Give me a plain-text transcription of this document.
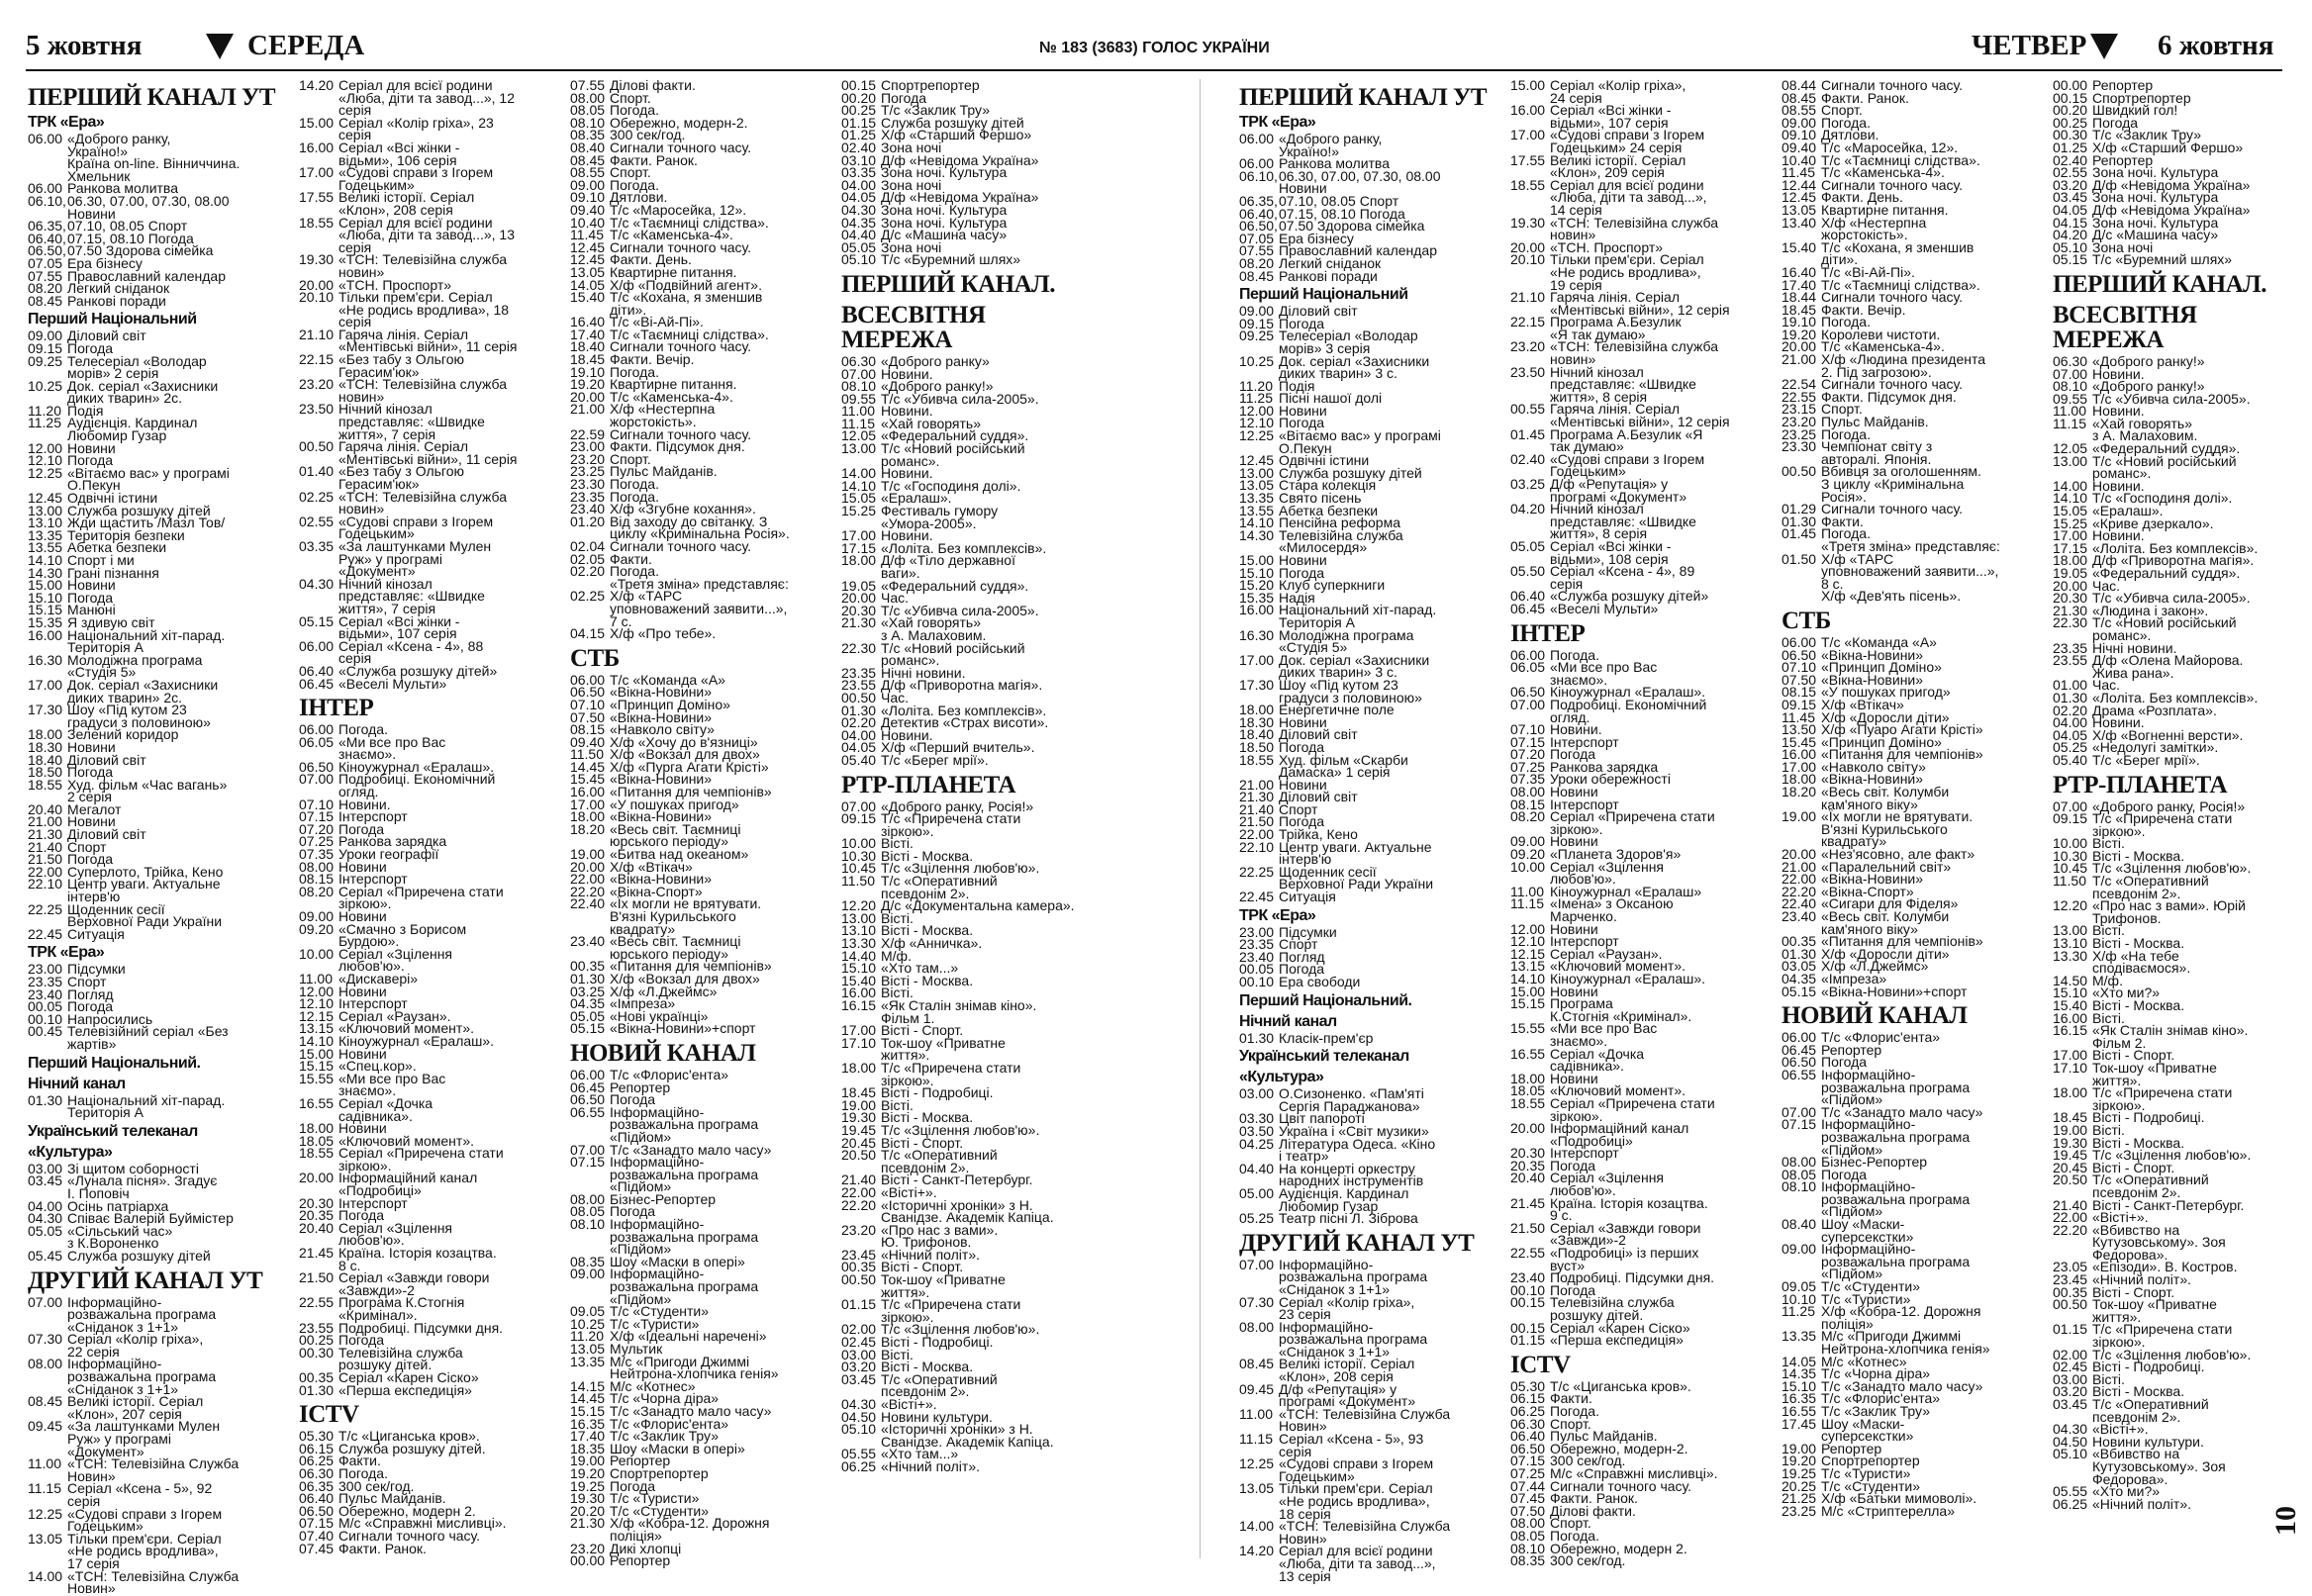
5 жовтня	СЕРЕДА	№ 183 (3683) ГОЛОС УКРАЇНИ	ЧЕТВЕР 6 жовтня
ПЕРШИЙ КАНАЛ УТ
ТРК «Ера»
06.00 «Доброго ранку,
Україно!»
Країна on-line. Вінниччина.
Хмельник
06.00 Ранкова молитва
06.10,06.30, 07.00, 07.30, 08.00
Новини
06.35,07.10, 08.05 Спорт
06.40,07.15, 08.10 Погода
06.50,07.50 Здорова сімейка
07.05 Ера бізнесу
07.55 Православний календар
08.20 Легкий сніданок
08.45 Ранкові поради
Перший Національний
09.00 Діловий світ
09.15 Погода
09.25 Телесеріал «Володар
морів» 2 серія
10.25 Док. серіал «Захисники
диких тварин» 2с.
11.20 Подія
11.25 Аудієнція. Кардинал
Любомир Гузар
12.00 Новини
12.10 Погода
12.25 «Вітаємо вас» у програмі
О.Пекун
12.45 Одвічні істини
13.00 Служба розшуку дітей
13.10 Жди щастить /Мазл Тов/
13.35 Територія безпеки
13.55 Абетка безпеки
14.10 Спорт і ми
14.30 Грані пізнання
15.00 Новини
15.10 Погода
15.15 Манюні
15.35 Я здивую світ
16.00 Національний хіт-парад.
Територія А
16.30 Молодіжна програма
«Студія 5»
17.00 Док. серіал «Захисники
диких тварин» 2с.
17.30 Шоу «Під кутом 23
градуси з половиною»
18.00 Зелений коридор
18.30 Новини
18.40 Діловий світ
18.50 Погода
18.55 Худ. фільм «Час вагань»
2 серія
20.40 Мегалот
21.00 Новини
21.30 Діловий світ
21.40 Спорт
21.50 Погода
22.00 Суперлото, Трійка, Кено
22.10 Центр уваги. Актуальне
інтерв'ю
22.25 Щоденник сесії
Верховної Ради України
22.45 Ситуація
ТРК «Ера»
23.00 Підсумки
23.35 Спорт
23.40 Погляд
00.05 Погода
00.10 Напросились
00.45 Телевізійний серіал «Без
жартів»
Перший Національний.
Нічний канал
01.30 Національний хіт-парад.
Територія А
Український телеканал
«Культура»
03.00 Зі щитом соборності
03.45 «Лунала пісня». Згадує
І. Поповіч
04.00 Осінь патріарха
04.30 Співає Валерій Буймістер
05.05 «Сільський час»
з К.Вороненко
05.45 Служба розшуку дітей
ДРУГИЙ КАНАЛ УТ
07.00 Інформаційно-
розважальна програма
«Сніданок з 1+1»
07.30 Серіал «Колір гріха»,
22 серія
08.00 Інформаційно-
розважальна програма
«Сніданок з 1+1»
08.45 Великі історії. Серіал
«Клон», 207 серія
09.45 «За лаштунками Мулен
Руж» у програмі
«Документ»
11.00 «ТСН: Телевізійна Служба
Новин»
11.15 Серіал «Ксена - 5», 92
серія
12.25 «Судові справи з Ігорем
Годецьким»
13.05 Тільки прем'єри. Серіал
«Не родись вродлива»,
17 серія
14.00 «ТСН: Телевізійна Служба
Новин»
14.20 Серіал для всієї родини
«Люба, діти та завод...», 12
серія
15.00 Серіал «Колір гріха», 23
серія
16.00 Серіал «Всі жінки -
відьми», 106 серія
17.00 «Судові справи з Ігорем
Годецьким»
17.55 Великі історії. Серіал
«Клон», 208 серія
18.55 Серіал для всієї родини
«Люба, діти та завод...», 13
серія
19.30 «ТСН: Телевізійна служба
новин»
20.00 «ТСН. Проспорт»
20.10 Тільки прем'єри. Серіал
«Не родись вродлива», 18
серія
21.10 Гаряча лінія. Серіал
«Ментівські війни», 11 серія
22.15 «Без табу з Ольгою
Герасим'юк»
23.20 «ТСН: Телевізійна служба
новин»
23.50 Нічний кінозал
представляє: «Швидке
життя», 7 серія
00.50 Гаряча лінія. Серіал
«Ментівські війни», 11 серія
01.40 «Без табу з Ольгою
Герасим'юк»
02.25 «ТСН: Телевізійна служба
новин»
02.55 «Судові справи з Ігорем
Годецьким»
03.35 «За лаштунками Мулен
Руж» у програмі
«Документ»
04.30 Нічний кінозал
представляє: «Швидке
життя», 7 серія
05.15 Серіал «Всі жінки -
відьми», 107 серія
06.00 Серіал «Ксена - 4», 88
серія
06.40 «Служба розшуку дітей»
06.45 «Веселі Мульти»
ІНТЕР
06.00 Погода.
06.05 «Ми все про Вас
знаємо».
06.50 Кіноужурнал «Ералаш».
07.00 Подробиці. Економічний
огляд.
07.10 Новини.
07.15 Інтерспорт
07.20 Погода
07.25 Ранкова зарядка
07.35 Уроки географії
08.00 Новини
08.15 Інтерспорт
08.20 Серіал «Приречена стати
зіркою».
09.00 Новини
09.20 «Смачно з Борисом
Бурдою».
10.00 Серіал «Зцілення
любов'ю».
11.00 «Дискавері»
12.00 Новини
12.10 Інтерспорт
12.15 Серіал «Раузан».
13.15 «Ключовий момент».
14.10 Кіноужурнал «Ералаш».
15.00 Новини
15.15 «Спец.кор».
15.55 «Ми все про Вас
знаємо».
16.55 Серіал «Дочка
садівника».
18.00 Новини
18.05 «Ключовий момент».
18.55 Серіал «Приречена стати
зіркою».
20.00 Інформаційний канал
«Подробиці»
20.30 Інтерспорт
20.35 Погода
20.40 Серіал «Зцілення
любов'ю».
21.45 Країна. Історія козацтва.
8 с.
21.50 Серіал «Завжди говори
«Завжди»-2
22.55 Програма К.Стогнія
«Кримінал».
23.55 Подробиці. Підсумки дня.
00.25 Погода
00.30 Телевізійна служба
розшуку дітей.
00.35 Серіал «Карен Сіско»
01.30 «Перша експедиція»
ICTV
05.30 Т/с «Циганська кров».
06.15 Служба розшуку дітей.
06.25 Факти.
06.30 Погода.
06.35 300 сек/год.
06.40 Пульс Майданів.
06.50 Обережно, модерн 2.
07.15 М/с «Справжні мисливці».
07.40 Сигнали точного часу.
07.45 Факти. Ранок.
07.55 Ділові факти.
08.00 Спорт.
08.05 Погода.
08.10 Обережно, модерн-2.
08.35 300 сек/год.
08.40 Сигнали точного часу.
08.45 Факти. Ранок.
08.55 Спорт.
09.00 Погода.
09.10 Дятлови.
09.40 Т/с «Маросейка, 12».
10.40 Т/с «Таємниці слідства».
11.45 Т/с «Каменська-4».
12.45 Сигнали точного часу.
12.45 Факти. День.
13.05 Квартирне питання.
14.05 Х/ф «Подвійний агент».
15.40 Т/с «Кохана, я зменшив
діти».
16.40 Т/с «Ві-Ай-Пі».
17.40 Т/с «Таємниці слідства».
18.40 Сигнали точного часу.
18.45 Факти. Вечір.
19.10 Погода.
19.20 Квартирне питання.
20.00 Т/с «Каменська-4».
21.00 Х/ф «Нестерпна
жорстокість».
22.59 Сигнали точного часу.
23.00 Факти. Підсумок дня.
23.20 Спорт.
23.25 Пульс Майданів.
23.30 Погода.
23.35 Погода.
23.40 Х/ф «Згубне кохання».
01.20 Від заходу до світанку. З
циклу «Кримінальна Росія».
02.04 Сигнали точного часу.
02.05 Факти.
02.20 Погода.
«Третя зміна» представляє:
02.25 Х/ф «ТАРС
уповноважений заявити...»,
7 с.
04.15 Х/ф «Про тебе».
СТБ
06.00 Т/с «Команда «А»
06.50 «Вікна-Новини»
07.10 «Принцип Доміно»
07.50 «Вікна-Новини»
08.15 «Навколо світу»
09.40 Х/ф «Хочу до в'язниці»
11.50 Х/ф «Вокзал для двох»
14.45 Х/ф «Пурга Агати Крісті»
15.45 «Вікна-Новини»
16.00 «Питання для чемпіонів»
17.00 «У пошуках пригод»
18.00 «Вікна-Новини»
18.20 «Весь світ. Таємниці
юрського періоду»
19.00 «Битва над океаном»
20.00 Х/ф «Втікач»
22.00 «Вікна-Новини»
22.20 «Вікна-Спорт»
22.40 «Їх могли не врятувати.
В'язні Курильського
квадрату»
23.40 «Весь світ. Таємниці
юрського періоду»
00.35 «Питання для чемпіонів»
01.30 Х/ф «Вокзал для двох»
03.25 Х/ф «Л.Джеймс»
04.35 «Імпреза»
05.05 «Нові українці»
05.15 «Вікна-Новини»+спорт
НОВИЙ КАНАЛ
06.00 Т/с «Флорис'ента»
06.45 Репортер
06.50 Погода
06.55 Інформаційно-
розважальна програма
«Підйом»
07.00 Т/с «Занадто мало часу»
07.15 Інформаційно-
розважальна програма
«Підйом»
08.00 Бізнес-Репортер
08.05 Погода
08.10 Інформаційно-
розважальна програма
«Підйом»
08.35 Шоу «Маски в опері»
09.00 Інформаційно-
розважальна програма
«Підйом»
09.05 Т/с «Студенти»
10.25 Т/с «Туристи»
11.20 Х/ф «Ідеальні наречені»
13.05 Мультик
13.35 М/с «Пригоди Джиммі
Нейтрона-хлопчика генія»
14.15 М/с «Котнес»
14.45 Т/с «Чорна діра»
15.15 Т/с «Занадто мало часу»
16.35 Т/с «Флорис'ента»
17.40 Т/с «Заклик Тру»
18.35 Шоу «Маски в опері»
19.00 Репортер
19.20 Спортрепортер
19.25 Погода
19.30 Т/с «Туристи»
20.20 Т/с «Студенти»
21.30 Х/ф «Кобра-12. Дорожня
поліція»
23.20 Дикі хлопці
00.00 Репортер
00.15 Спортрепортер
00.20 Погода
00.25 Т/с «Заклик Тру»
01.15 Служба розшуку дітей
01.25 Х/ф «Старший Фершо»
02.40 Зона ночі
03.10 Д/ф «Невідома Україна»
03.35 Зона ночі. Культура
04.00 Зона ночі
04.05 Д/ф «Невідома Україна»
04.30 Зона ночі. Культура
04.35 Зона ночі. Культура
04.40 Д/с «Машина часу»
05.05 Зона ночі
05.10 Т/с «Буремний шлях»
ПЕРШИЙ КАНАЛ.
ВСЕСВІТНЯ МЕРЕЖА
06.30 «Доброго ранку»
07.00 Новини.
08.10 «Доброго ранку!»
09.55 Т/с «Убивча сила-2005».
11.00 Новини.
11.15 «Хай говорять»
12.05 «Федеральний суддя».
13.00 Т/с «Новий російський
романс».
14.00 Новини.
14.10 Т/с «Господиня долі».
15.05 «Ералаш».
15.25 Фестиваль гумору
«Умора-2005».
17.00 Новини.
17.15 «Лоліта. Без комплексів».
18.00 Д/ф «Тіло державної
ваги».
19.05 «Федеральний суддя».
20.00 Час.
20.30 Т/с «Убивча сила-2005».
21.30 «Хай говорять»
з А. Малаховим.
22.30 Т/с «Новий російський
романс».
23.35 Нічні новини.
23.55 Д/ф «Приворотна магія».
00.50 Час.
01.30 «Лоліта. Без комплексів».
02.20 Детектив «Страх висоти».
04.00 Новини.
04.05 Х/ф «Перший вчитель».
05.40 Т/с «Берег мрії».
РТР-ПЛАНЕТА
07.00 «Доброго ранку, Росія!»
09.15 Т/с «Приречена стати
зіркою».
10.00 Вісті.
10.30 Вісті - Москва.
10.45 Т/с «Зцілення любов'ю».
11.50 Т/с «Оперативний
псевдонім 2».
12.20 Д/с «Документальна камера».
13.00 Вісті.
13.10 Вісті - Москва.
13.30 Х/ф «Анничка».
14.40 М/ф.
15.10 «Хто там...»
15.40 Вісті - Москва.
16.00 Вісті.
16.15 «Як Сталін знімав кіно».
Фільм 1.
17.00 Вісті - Спорт.
17.10 Ток-шоу «Приватне
життя».
18.00 Т/с «Приречена стати
зіркою».
18.45 Вісті - Подробиці.
19.00 Вісті.
19.30 Вісті - Москва.
19.45 Т/с «Зцілення любов'ю».
20.45 Вісті - Спорт.
20.50 Т/с «Оперативний
псевдонім 2».
21.40 Вісті - Санкт-Петербург.
22.00 «Вісті+».
22.20 «Історичні хроніки» з Н.
Сванідзе. Академік Капіца.
23.20 «Про нас з вами».
Ю. Трифонов.
23.45 «Нічний політ».
00.35 Вісті - Спорт.
00.50 Ток-шоу «Приватне
життя».
01.15 Т/с «Приречена стати
зіркою».
02.00 Т/с «Зцілення любов'ю».
02.45 Вісті - Подробиці.
03.00 Вісті.
03.20 Вісті - Москва.
03.45 Т/с «Оперативний
псевдонім 2».
04.30 «Вісті+».
04.50 Новини культури.
05.10 «Історичні хроніки» з Н.
Сванідзе. Академік Капіца.
05.55 «Хто там...»
06.25 «Нічний політ».
ПЕРШИЙ КАНАЛ УТ
ТРК «Ера»
06.00 «Доброго ранку,
Україно!»
06.00 Ранкова молитва
06.10,06.30, 07.00, 07.30, 08.00
Новини
06.35,07.10, 08.05 Спорт
06.40,07.15, 08.10 Погода
06.50,07.50 Здорова сімейка
07.05 Ера бізнесу
07.55 Православний календар
08.20 Легкий сніданок
08.45 Ранкові поради
Перший Національний
09.00 Діловий світ
09.15 Погода
09.25 Телесеріал «Володар
морів» 3 серія
10.25 Док. серіал «Захисники
диких тварин» 3 с.
11.20 Подія
11.25 Пісні нашої долі
12.00 Новини
12.10 Погода
12.25 «Вітаємо вас» у програмі
О.Пекун
12.45 Одвічні істини
13.00 Служба розшуку дітей
13.05 Стара колекція
13.35 Свято пісень
13.55 Абетка безпеки
14.10 Пенсійна реформа
14.30 Телевізійна служба
«Милосердя»
15.00 Новини
15.10 Погода
15.20 Клуб суперкниги
15.35 Надія
16.00 Національний хіт-парад.
Територія А
16.30 Молодіжна програма
«Студія 5»
17.00 Док. серіал «Захисники
диких тварин» 3 с.
17.30 Шоу «Під кутом 23
градуси з половиною»
18.00 Енергетичне поле
18.30 Новини
18.40 Діловий світ
18.50 Погода
18.55 Худ. фільм «Скарби
Дамаска» 1 серія
21.00 Новини
21.30 Діловий світ
21.40 Спорт
21.50 Погода
22.00 Трійка, Кено
22.10 Центр уваги. Актуальне
інтерв'ю
22.25 Щоденник сесії
Верховної Ради України
22.45 Ситуація
ТРК «Ера»
23.00 Підсумки
23.35 Спорт
23.40 Погляд
00.05 Погода
00.10 Ера свободи
Перший Національний.
Нічний канал
01.30 Класік-прем'єр
Український телеканал
«Культура»
03.00 О.Сизоненко. «Пам'яті
Сергія Параджанова»
03.30 Цвіт папороті
03.50 Україна і «Світ музики»
04.25 Література Одеса. «Кіно
і театр»
04.40 На концерті оркестру
народних інструментів
05.00 Аудієнція. Кардинал
Любомир Гузар
05.25 Театр пісні Л. Зіброва
ДРУГИЙ КАНАЛ УТ
07.00 Інформаційно-
розважальна програма
«Сніданок з 1+1»
07.30 Серіал «Колір гріха»,
23 серія
08.00 Інформаційно-
розважальна програма
«Сніданок з 1+1»
08.45 Великі історії. Серіал
«Клон», 208 серія
09.45 Д/ф «Репутація» у
програмі «Документ»
11.00 «ТСН: Телевізійна Служба
Новин»
11.15 Серіал «Ксена - 5», 93
серія
12.25 «Судові справи з Ігорем
Годецьким»
13.05 Тільки прем'єри. Серіал
«Не родись вродлива»,
18 серія
14.00 «ТСН: Телевізійна Служба
Новин»
14.20 Серіал для всієї родини
«Люба, діти та завод...»,
13 серія
15.00 Серіал «Колір гріха»,
24 серія
16.00 Серіал «Всі жінки -
відьми», 107 серія
17.00 «Судові справи з Ігорем
Годецьким» 24 серія
17.55 Великі історії. Серіал
«Клон», 209 серія
18.55 Серіал для всієї родини
«Люба, діти та завод...»,
14 серія
19.30 «ТСН: Телевізійна служба
новин»
20.00 «ТСН. Проспорт»
20.10 Тільки прем'єри. Серіал
«Не родись вродлива»,
19 серія
21.10 Гаряча лінія. Серіал
«Ментівські війни», 12 серія
22.15 Програма А.Безулик
«Я так думаю»
23.20 «ТСН: Телевізійна служба
новин»
23.50 Нічний кінозал
представляє: «Швидке
життя», 8 серія
00.55 Гаряча лінія. Серіал
«Ментівські війни», 12 серія
01.45 Програма А.Безулик «Я
так думаю»
02.40 «Судові справи з Ігорем
Годецьким»
03.25 Д/ф «Репутація» у
програмі «Документ»
04.20 Нічний кінозал
представляє: «Швидке
життя», 8 серія
05.05 Серіал «Всі жінки -
відьми», 108 серія
05.50 Серіал «Ксена - 4», 89
серія
06.40 «Служба розшуку дітей»
06.45 «Веселі Мульти»
ІНТЕР
06.00 Погода.
06.05 «Ми все про Вас
знаємо».
06.50 Кіноужурнал «Ералаш».
07.00 Подробиці. Економічний
огляд.
07.10 Новини.
07.15 Інтерспорт
07.20 Погода
07.25 Ранкова зарядка
07.35 Уроки обережності
08.00 Новини
08.15 Інтерспорт
08.20 Серіал «Приречена стати
зіркою».
09.00 Новини
09.20 «Планета Здоров'я»
10.00 Серіал «Зцілення
любов'ю».
11.00 Кіноужурнал «Ералаш»
11.15 «Імена» з Оксаною
Марченко.
12.00 Новини
12.10 Інтерспорт
12.15 Серіал «Раузан».
13.15 «Ключовий момент».
14.10 Кіноужурнал «Ералаш».
15.00 Новини
15.15 Програма
К.Стогнія «Кримінал».
15.55 «Ми все про Вас
знаємо».
16.55 Серіал «Дочка
садівника».
18.00 Новини
18.05 «Ключовий момент».
18.55 Серіал «Приречена стати
зіркою».
20.00 Інформаційний канал
«Подробиці»
20.30 Інтерспорт
20.35 Погода
20.40 Серіал «Зцілення
любов'ю».
21.45 Країна. Історія козацтва.
9 с.
21.50 Серіал «Завжди говори
«Завжди»-2
22.55 «Подробиці» із перших
вуст»
23.40 Подробиці. Підсумки дня.
00.10 Погода
00.15 Телевізійна служба
розшуку дітей.
00.15 Серіал «Карен Сіско»
01.15 «Перша експедиція»
ICTV
05.30 Т/с «Циганська кров».
06.15 Факти.
06.25 Погода.
06.30 Спорт.
06.40 Пульс Майданів.
06.50 Обережно, модерн-2.
07.15 300 сек/год.
07.25 М/с «Справжні мисливці».
07.44 Сигнали точного часу.
07.45 Факти. Ранок.
07.50 Ділові факти.
08.00 Спорт.
08.05 Погода.
08.10 Обережно, модерн 2.
08.35 300 сек/год.
08.44 Сигнали точного часу.
08.45 Факти. Ранок.
08.55 Спорт.
09.00 Погода.
09.10 Дятлови.
09.40 Т/с «Маросейка, 12».
10.40 Т/с «Таємниці слідства».
11.45 Т/с «Каменська-4».
12.44 Сигнали точного часу.
12.45 Факти. День.
13.05 Квартирне питання.
13.40 Х/ф «Нестерпна
жорстокість».
15.40 Т/с «Кохана, я зменшив
діти».
16.40 Т/с «Ві-Ай-Пі».
17.40 Т/с «Таємниці слідства».
18.44 Сигнали точного часу.
18.45 Факти. Вечір.
19.10 Погода.
19.20 Королеви чистоти.
20.00 Т/с «Каменська-4».
21.00 Х/ф «Людина президента
2. Під загрозою».
22.54 Сигнали точного часу.
22.55 Факти. Підсумок дня.
23.15 Спорт.
23.20 Пульс Майданів.
23.25 Погода.
23.30 Чемпіонат світу з
авторалі. Японія.
00.50 Вбивця за оголошенням.
З циклу «Кримінальна
Росія».
01.29 Сигнали точного часу.
01.30 Факти.
01.45 Погода.
«Третя зміна» представляє:
01.50 Х/ф «ТАРС
уповноважений заявити...»,
8 с.
Х/ф «Дев'ять пісень».
СТБ
06.00 Т/с «Команда «А»
06.50 «Вікна-Новини»
07.10 «Принцип Доміно»
07.50 «Вікна-Новини»
08.15 «У пошуках пригод»
09.15 Х/ф «Втікач»
11.45 Х/ф «Доросли діти»
13.50 Х/ф «Пуаро Агати Крісті»
15.45 «Принцип Доміно»
16.00 «Питання для чемпіонів»
17.00 «Навколо світу»
18.00 «Вікна-Новини»
18.20 «Весь світ. Колумби
кам'яного віку»
19.00 «Їх могли не врятувати.
В'язні Курильського
квадрату»
20.00 «Нез'ясовно, але факт»
21.00 «Паралельний світ»
22.00 «Вікна-Новини»
22.20 «Вікна-Спорт»
22.40 «Сигари для Фіделя»
23.40 «Весь світ. Колумби
кам'яного віку»
00.35 «Питання для чемпіонів»
01.30 Х/ф «Доросли діти»
03.05 Х/ф «Л.Джеймс»
04.35 «Імпреза»
05.15 «Вікна-Новини»+спорт
НОВИЙ КАНАЛ
06.00 Т/с «Флорис'ента»
06.45 Репортер
06.50 Погода
06.55 Інформаційно-
розважальна програма
«Підйом»
07.00 Т/с «Занадто мало часу»
07.15 Інформаційно-
розважальна програма
«Підйом»
08.00 Бізнес-Репортер
08.05 Погода
08.10 Інформаційно-
розважальна програма
«Підйом»
08.40 Шоу «Маски-
суперсекстки»
09.00 Інформаційно-
розважальна програма
«Підйом»
09.05 Т/с «Студенти»
10.10 Т/с «Туристи»
11.25 Х/ф «Кобра-12. Дорожня
поліція»
13.35 М/с «Пригоди Джиммі
Нейтрона-хлопчика генія»
14.05 М/с «Котнес»
14.35 Т/с «Чорна діра»
15.10 Т/с «Занадто мало часу»
16.35 Т/с «Флорис'ента»
16.55 Т/с «Заклик Тру»
17.45 Шоу «Маски-
суперсекстки»
19.00 Репортер
19.20 Спортрепортер
19.25 Т/с «Туристи»
20.25 Т/с «Студенти»
21.25 Х/ф «Батьки мимоволі».
23.25 М/с «Стриптерелла»
00.00 Репортер
00.15 Спортрепортер
00.20 Швидкий гол!
00.25 Погода
00.30 Т/с «Заклик Тру»
01.25 Х/ф «Старший Фершо»
02.40 Репортер
02.55 Зона ночі. Культура
03.20 Д/ф «Невідома Україна»
03.45 Зона ночі. Культура
04.05 Д/ф «Невідома Україна»
04.15 Зона ночі. Культура
04.20 Д/с «Машина часу»
05.10 Зона ночі
05.15 Т/с «Буремний шлях»
ПЕРШИЙ КАНАЛ.
ВСЕСВІТНЯ МЕРЕЖА
06.30 «Доброго ранку!»
07.00 Новини.
08.10 «Доброго ранку!»
09.55 Т/с «Убивча сила-2005».
11.00 Новини.
11.15 «Хай говорять»
з А. Малаховим.
12.05 «Федеральний суддя».
13.00 Т/с «Новий російський
романс».
14.00 Новини.
14.10 Т/с «Господиня долі».
15.05 «Ералаш».
15.25 «Криве дзеркало».
17.00 Новини.
17.15 «Лоліта. Без комплексів».
18.00 Д/ф «Приворотна магія».
19.05 «Федеральний суддя».
20.00 Час.
20.30 Т/с «Убивча сила-2005».
21.30 «Людина і закон».
22.30 Т/с «Новий російський
романс».
23.35 Нічні новини.
23.55 Д/ф «Олена Майорова.
Жива рана».
01.00 Час.
01.30 «Лоліта. Без комплексів».
02.20 Драма «Розплата».
04.00 Новини.
04.05 Х/ф «Вогненні версти».
05.25 «Недолугі замітки».
05.40 Т/с «Берег мрії».
РТР-ПЛАНЕТА
07.00 «Доброго ранку, Росія!»
09.15 Т/с «Приречена стати
зіркою».
10.00 Вісті.
10.30 Вісті - Москва.
10.45 Т/с «Зцілення любов'ю».
11.50 Т/с «Оперативний
псевдонім 2».
12.20 «Про нас з вами». Юрій
Трифонов.
13.00 Вісті.
13.10 Вісті - Москва.
13.30 Х/ф «На тебе
сподіваємося».
14.50 М/ф.
15.10 «Хто ми?»
15.40 Вісті - Москва.
16.00 Вісті.
16.15 «Як Сталін знімав кіно».
Фільм 2.
17.00 Вісті - Спорт.
17.10 Ток-шоу «Приватне
життя».
18.00 Т/с «Приречена стати
зіркою».
18.45 Вісті - Подробиці.
19.00 Вісті.
19.30 Вісті - Москва.
19.45 Т/с «Зцілення любов'ю».
20.45 Вісті - Спорт.
20.50 Т/с «Оперативний
псевдонім 2».
21.40 Вісті - Санкт-Петербург.
22.00 «Вісті+».
22.20 «Вбивство на
Кутузовському». Зоя
Федорова».
23.05 «Епізоди». В. Костров.
23.45 «Нічний політ».
00.35 Вісті - Спорт.
00.50 Ток-шоу «Приватне
життя».
01.15 Т/с «Приречена стати
зіркою».
02.00 Т/с «Зцілення любов'ю».
02.45 Вісті - Подробиці.
03.00 Вісті.
03.20 Вісті - Москва.
03.45 Т/с «Оперативний
псевдонім 2».
04.30 «Вісті+».
04.50 Новини культури.
05.10 «Вбивство на
Кутузовському». Зоя
Федорова».
05.55 «Хто ми?»
06.25 «Нічний політ».
10
